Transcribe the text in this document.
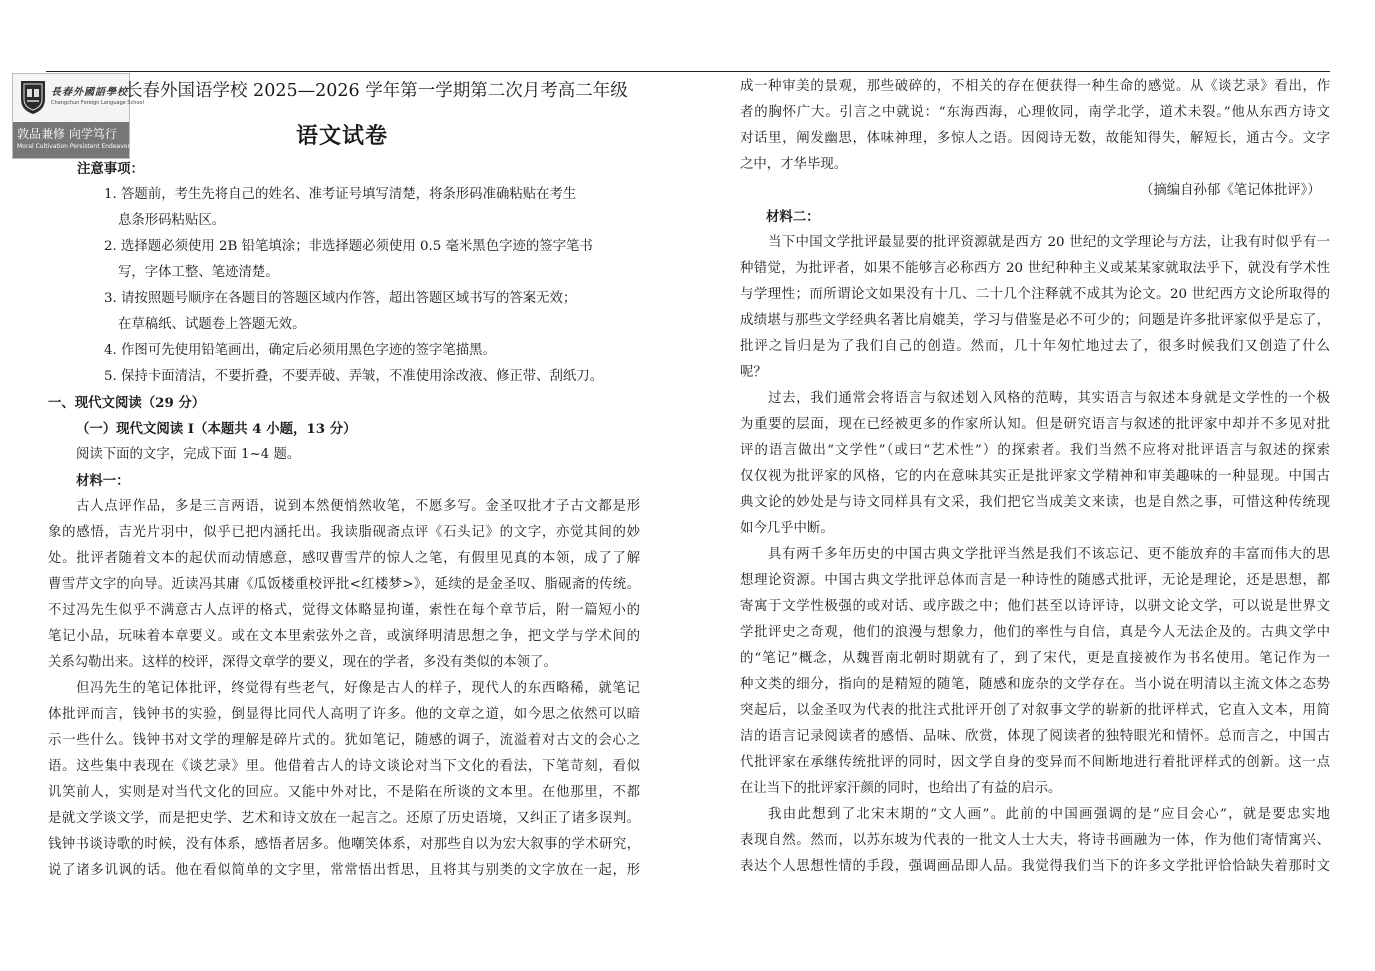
長春外國語學校
Changchun Foreign Language School
敦品兼修 向学笃行
Moral Cultivation Persistent Endeavor
长春外国语学校 2025—2026 学年第一学期第二次月考高二年级
语文试卷
注意事项：
1. 答题前，考生先将自己的姓名、准考证号填写清楚，将条形码准确粘贴在考生
息条形码粘贴区。
2. 选择题必须使用 2B 铅笔填涂；非选择题必须使用 0.5 毫米黑色字迹的签字笔书
写，字体工整、笔迹清楚。
3. 请按照题号顺序在各题目的答题区域内作答，超出答题区域书写的答案无效；
在草稿纸、试题卷上答题无效。
4. 作图可先使用铅笔画出，确定后必须用黑色字迹的签字笔描黑。
5. 保持卡面清洁，不要折叠，不要弄破、弄皱，不准使用涂改液、修正带、刮纸刀。
一、现代文阅读（29 分）
（一）现代文阅读 I（本题共 4 小题，13 分）
阅读下面的文字，完成下面 1~4 题。
材料一：
古人点评作品，多是三言两语，说到本然便悄然收笔，不愿多写。金圣叹批才子古文都是形
象的感悟，吉光片羽中，似乎已把内涵托出。我读脂砚斋点评《石头记》的文字，亦觉其间的妙
处。批评者随着文本的起伏而动情感意，感叹曹雪芹的惊人之笔，有假里见真的本领，成了了解
曹雪芹文字的向导。近读冯其庸《瓜饭楼重校评批<红楼梦>》，延续的是金圣叹、脂砚斋的传统。
不过冯先生似乎不满意古人点评的格式，觉得文体略显拘谨，索性在每个章节后，附一篇短小的
笔记小品，玩味着本章要义。或在文本里索弦外之音，或演绎明清思想之争，把文学与学术间的
关系勾勒出来。这样的校评，深得文章学的要义，现在的学者，多没有类似的本领了。
但冯先生的笔记体批评，终觉得有些老气，好像是古人的样子，现代人的东西略稀，就笔记
体批评而言，钱钟书的实验，倒显得比同代人高明了许多。他的文章之道，如今思之依然可以暗
示一些什么。钱钟书对文学的理解是碎片式的。犹如笔记，随感的调子，流溢着对古文的会心之
语。这些集中表现在《谈艺录》里。他借着古人的诗文谈论对当下文化的看法，下笔苛刻，看似
讥笑前人，实则是对当代文化的回应。又能中外对比，不是陷在所谈的文本里。在他那里，不都
是就文学谈文学，而是把史学、艺术和诗文放在一起言之。还原了历史语境，又纠正了诸多误判。
钱钟书谈诗歌的时候，没有体系，感悟者居多。他嘲笑体系，对那些自以为宏大叙事的学术研究，
说了诸多讥讽的话。他在看似简单的文字里，常常悟出哲思，且将其与别类的文字放在一起，形
成一种审美的景观，那些破碎的，不相关的存在便获得一种生命的感觉。从《谈艺录》看出，作
者的胸怀广大。引言之中就说：“东海西海，心理攸同，南学北学，道术未裂。”他从东西方诗文
对话里，阐发幽思，体味神理，多惊人之语。因阅诗无数，故能知得失，解短长，通古今。文字
之中，才华毕现。
（摘编自孙郁《笔记体批评》）
材料二：
当下中国文学批评最显要的批评资源就是西方 20 世纪的文学理论与方法，让我有时似乎有一
种错觉，为批评者，如果不能够言必称西方 20 世纪种种主义或某某家就取法乎下，就没有学术性
与学理性；而所谓论文如果没有十几、二十几个注释就不成其为论文。20 世纪西方文论所取得的
成绩堪与那些文学经典名著比肩媲美，学习与借鉴是必不可少的；问题是许多批评家似乎是忘了，
批评之旨归是为了我们自己的创造。然而，几十年匆忙地过去了，很多时候我们又创造了什么
呢？
过去，我们通常会将语言与叙述划入风格的范畴，其实语言与叙述本身就是文学性的一个极
为重要的层面，现在已经被更多的作家所认知。但是研究语言与叙述的批评家中却并不多见对批
评的语言做出“文学性”（或曰“艺术性”）的探索者。我们当然不应将对批评语言与叙述的探索
仅仅视为批评家的风格，它的内在意味其实正是批评家文学精神和审美趣味的一种显现。中国古
典文论的妙处是与诗文同样具有文采，我们把它当成美文来读，也是自然之事，可惜这种传统现
如今几乎中断。
具有两千多年历史的中国古典文学批评当然是我们不该忘记、更不能放弃的丰富而伟大的思
想理论资源。中国古典文学批评总体而言是一种诗性的随感式批评，无论是理论，还是思想，都
寄寓于文学性极强的或对话、或序跋之中；他们甚至以诗评诗，以骈文论文学，可以说是世界文
学批评史之奇观，他们的浪漫与想象力，他们的率性与自信，真是今人无法企及的。古典文学中
的“笔记”概念，从魏晋南北朝时期就有了，到了宋代，更是直接被作为书名使用。笔记作为一
种文类的细分，指向的是精短的随笔，随感和庞杂的文学存在。当小说在明清以主流文体之态势
突起后，以金圣叹为代表的批注式批评开创了对叙事文学的崭新的批评样式，它直入文本，用简
洁的语言记录阅读者的感悟、品味、欣赏，体现了阅读者的独特眼光和情怀。总而言之，中国古
代批评家在承继传统批评的同时，因文学自身的变异而不间断地进行着批评样式的创新。这一点
在让当下的批评家汗颜的同时，也给出了有益的启示。
我由此想到了北宋末期的“文人画”。此前的中国画强调的是“应目会心”，就是要忠实地
表现自然。然而，以苏东坡为代表的一批文人士大夫，将诗书画融为一体，作为他们寄情寓兴、
表达个人思想性情的手段，强调画品即人品。我觉得我们当下的许多文学批评恰恰缺失着那时文
